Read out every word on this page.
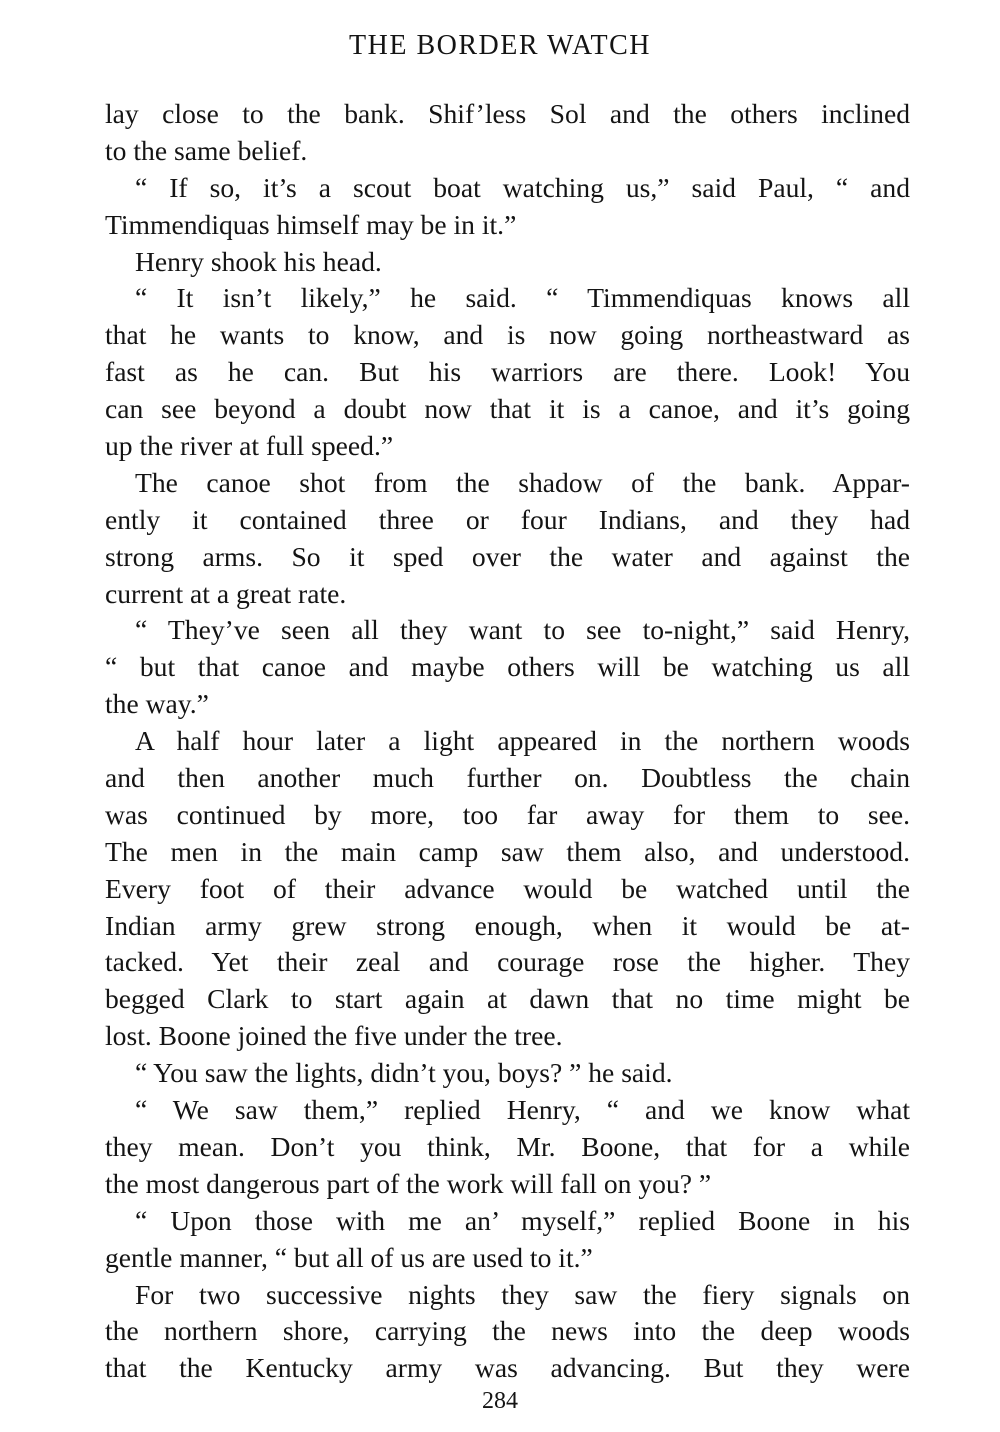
THE BORDER WATCH
lay close to the bank. Shif’less Sol and the others inclined
to the same belief.
“ If so, it’s a scout boat watching us,” said Paul, “ and
Timmendiquas himself may be in it.”
Henry shook his head.
“ It isn’t likely,” he said. “ Timmendiquas knows all
that he wants to know, and is now going northeastward as
fast as he can. But his warriors are there. Look! You
can see beyond a doubt now that it is a canoe, and it’s going
up the river at full speed.”
The canoe shot from the shadow of the bank. Appar-
ently it contained three or four Indians, and they had
strong arms. So it sped over the water and against the
current at a great rate.
“ They’ve seen all they want to see to-night,” said Henry,
“ but that canoe and maybe others will be watching us all
the way.”
A half hour later a light appeared in the northern woods
and then another much further on. Doubtless the chain
was continued by more, too far away for them to see.
The men in the main camp saw them also, and understood.
Every foot of their advance would be watched until the
Indian army grew strong enough, when it would be at-
tacked. Yet their zeal and courage rose the higher. They
begged Clark to start again at dawn that no time might be
lost. Boone joined the five under the tree.
“ You saw the lights, didn’t you, boys? ” he said.
“ We saw them,” replied Henry, “ and we know what
they mean. Don’t you think, Mr. Boone, that for a while
the most dangerous part of the work will fall on you? ”
“ Upon those with me an’ myself,” replied Boone in his
gentle manner, “ but all of us are used to it.”
For two successive nights they saw the fiery signals on
the northern shore, carrying the news into the deep woods
that the Kentucky army was advancing. But they were
284
